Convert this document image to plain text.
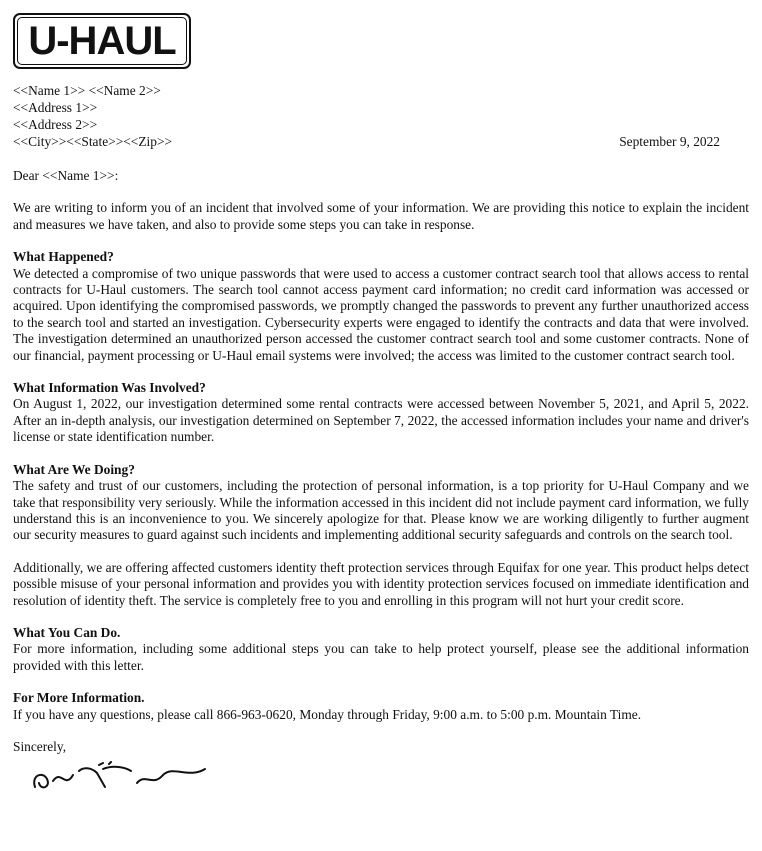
U-HAUL
<<Name 1>> <<Name 2>>
<<Address 1>>
<<Address 2>>
<<City>><<State>><<Zip>>	September 9, 2022

Dear <<Name 1>>:

We are writing to inform you of an incident that involved some of your information. We are providing this notice to explain the incident and measures we have taken, and also to provide some steps you can take in response.

What Happened?

We detected a compromise of two unique passwords that were used to access a customer contract search tool that allows access to rental contracts for U-Haul customers. The search tool cannot access payment card information; no credit card information was accessed or acquired. Upon identifying the compromised passwords, we promptly changed the passwords to prevent any further unauthorized access to the search tool and started an investigation. Cybersecurity experts were engaged to identify the contracts and data that were involved. The investigation determined an unauthorized person accessed the customer contract search tool and some customer contracts. None of our financial, payment processing or U-Haul email systems were involved; the access was limited to the customer contract search tool.

What Information Was Involved?

On August 1, 2022, our investigation determined some rental contracts were accessed between November 5, 2021, and April 5, 2022. After an in-depth analysis, our investigation determined on September 7, 2022, the accessed information includes your name and driver's license or state identification number.

What Are We Doing?

The safety and trust of our customers, including the protection of personal information, is a top priority for U-Haul Company and we take that responsibility very seriously. While the information accessed in this incident did not include payment card information, we fully understand this is an inconvenience to you. We sincerely apologize for that. Please know we are working diligently to further augment our security measures to guard against such incidents and implementing additional security safeguards and controls on the search tool.

Additionally, we are offering affected customers identity theft protection services through Equifax for one year. This product helps detect possible misuse of your personal information and provides you with identity protection services focused on immediate identification and resolution of identity theft. The service is completely free to you and enrolling in this program will not hurt your credit score.

What You Can Do.

For more information, including some additional steps you can take to help protect yourself, please see the additional information provided with this letter.

For More Information.

If you have any questions, please call 866-963-0620, Monday through Friday, 9:00 a.m. to 5:00 p.m. Mountain Time.

Sincerely,
